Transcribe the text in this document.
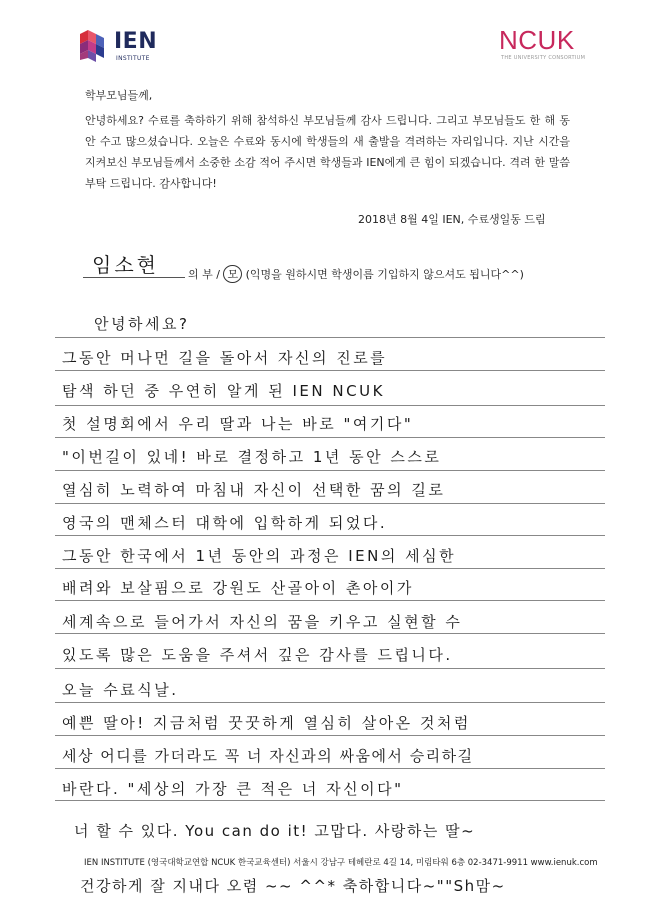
IEN
INSTITUTE
NCUK
THE UNIVERSITY CONSORTIUM
학부모님들께,
안녕하세요? 수료를 축하하기 위해 참석하신 부모님들께 감사 드립니다. 그리고 부모님들도 한 해 동안 수고 많으셨습니다. 오늘은 수료와 동시에 학생들의 새 출발을 격려하는 자리입니다. 지난 시간을 지켜보신 부모님들께서 소중한 소감 적어 주시면 학생들과 IEN에게 큰 힘이 되겠습니다. 격려 한 말씀 부탁 드립니다. 감사합니다!
2018년 8월 4일 IEN, 수료생일동 드림
임소현	의 부 / 모 (익명을 원하시면 학생이름 기입하지 않으셔도 됩니다^^)
안녕하세요?
그동안 머나먼 길을 돌아서 자신의 진로를
탐색 하던 중 우연히 알게 된 IEN NCUK
첫 설명회에서 우리 딸과 나는 바로 "여기다"
"이번길이 있네! 바로 결정하고 1년 동안 스스로
열심히 노력하여 마침내 자신이 선택한 꿈의 길로
영국의 맨체스터 대학에 입학하게 되었다.
그동안 한국에서 1년 동안의 과정은 IEN의 세심한
배려와 보살핌으로 강원도 산골아이 촌아이가
세계속으로 들어가서 자신의 꿈을 키우고 실현할 수
있도록 많은 도움을 주셔서 깊은 감사를 드립니다.
오늘 수료식날.
예쁜 딸아! 지금처럼 꿋꿋하게 열심히 살아온 것처럼
세상 어디를 가더라도 꼭 너 자신과의 싸움에서 승리하길
바란다. "세상의 가장 큰 적은 너 자신이다"
너 할 수 있다. You can do it! 고맙다. 사랑하는 딸~
IEN INSTITUTE (영국대학교연합 NCUK 한국교육센터) 서울시 강남구 테헤란로 4길 14, 미림타워 6층 02-3471-9911 www.ienuk.com
건강하게 잘 지내다 오렴 ~~ ^^* 축하합니다~""Sh맘~
